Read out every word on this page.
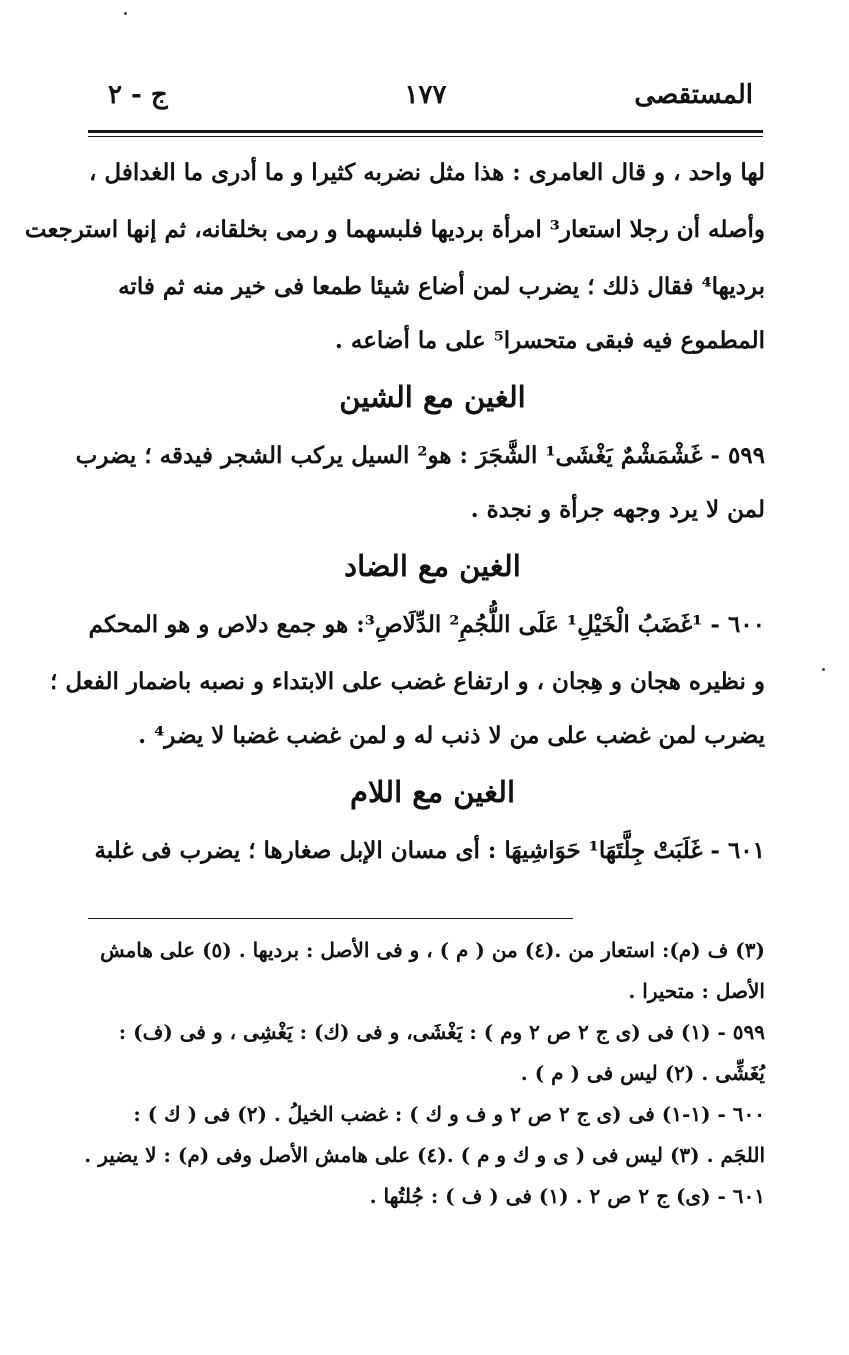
المستقصى
١٧٧
ج - ٢
لها واحد ، و قال العامرى : هذا مثل نضربه كثيرا و ما أدرى ما الغدافل ،
وأصله أن رجلا استعار³ امرأة برديها فلبسهما و رمى بخلقانه، ثم إنها استرجعت
برديها⁴ فقال ذلك ؛ يضرب لمن أضاع شيئا طمعا فى خير منه ثم فاته
المطموع فيه فبقى متحسرا⁵ على ما أضاعه .
الغين مع الشين
٥٩٩ - غَشْمَشْمٌ يَغْشَى¹ الشَّجَرَ : هو² السيل يركب الشجر فيدقه ؛ يضرب
لمن لا يرد وجهه جرأة و نجدة .
الغين مع الضاد
٦٠٠ - ¹غَضَبُ الْخَيْلِ¹ عَلَى اللُّجُمِ² الدِّلَاصِ³: هو جمع دلاص و هو المحكم
و نظيره هجان و هِجان ، و ارتفاع غضب على الابتداء و نصبه باضمار الفعل ؛
يضرب لمن غضب على من لا ذنب له و لمن غضب غضبا لا يضر⁴ .
الغين مع اللام
٦٠١ - غَلَبَتْ جِلَّتَهَا¹ حَوَاشِيهَا : أى مسان الإبل صغارها ؛ يضرب فى غلبة
(٣) ف (م): استعار من .(٤) من ( م ) ، و فى الأصل : برديها . (٥) على هامش
الأصل : متحيرا .
٥٩٩ - (١) فى (ى ج ٢ ص ٢ وم ) : يَغْشَى، و فى (ك) : يَغْشِى ، و فى (ف) :
يُغَشِّى . (٢) ليس فى ( م ) .
٦٠٠ - (١-١) فى (ى ج ٢ ص ٢ و ف و ك ) : غضب الخيلُ . (٢) فى ( ك ) :
اللجَم . (٣) ليس فى ( ى و ك و م ) .(٤) على هامش الأصل وفى (م) : لا يضير .
٦٠١ - (ى) ج ٢ ص ٢ . (١) فى ( ف ) : جُلتُها .
